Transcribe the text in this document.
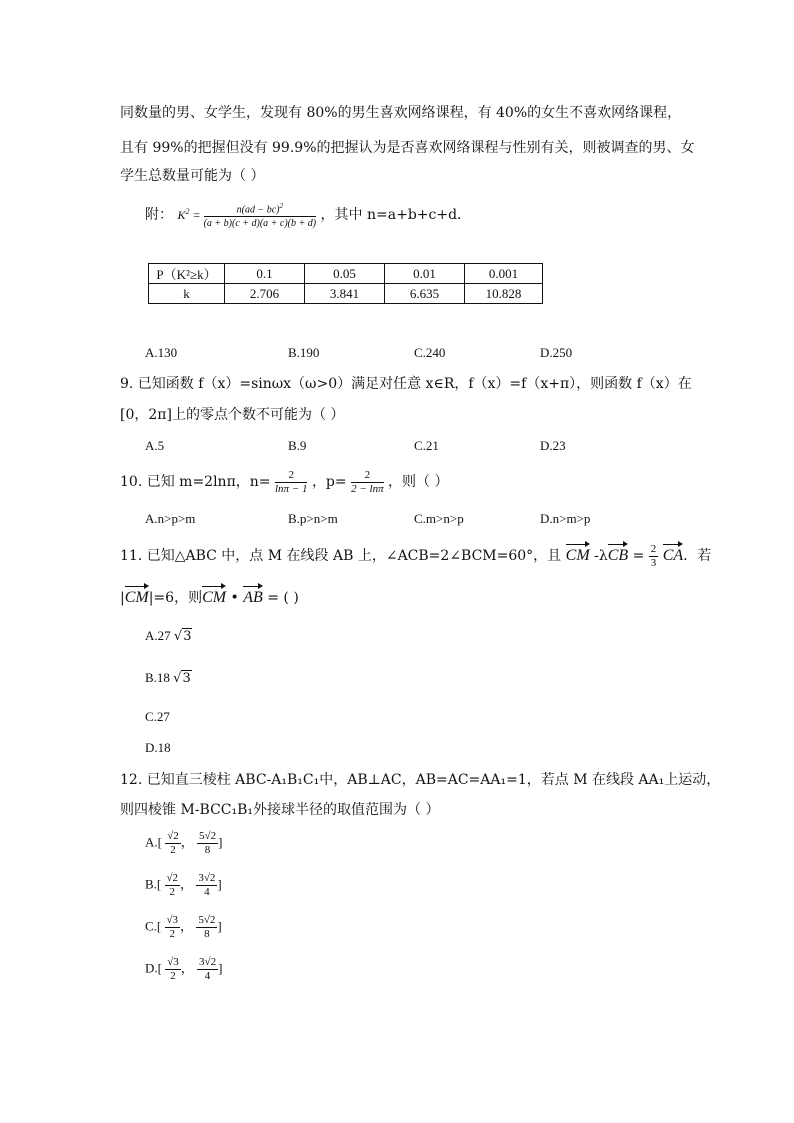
同数量的男、女学生，发现有 80%的男生喜欢网络课程，有 40%的女生不喜欢网络课程，
且有 99%的把握但没有 99.9%的把握认为是否喜欢网络课程与性别有关，则被调查的男、女
学生总数量可能为（ ）
附： $K^2 = \frac{n(ad - bc)^2}{(a + b)(c + d)(a + c)(b + d)}$ ，其中 n=a+b+c+d．
P（K²≥k）	0.1	0.05	0.01	0.001
k	2.706	3.841	6.635	10.828
A.130	B.190	C.240	D.250
9. 已知函数 f（x）=sinωx（ω>0）满足对任意 x∈R，f（x）=f（x+π），则函数 f（x）在
[0，2π]上的零点个数不可能为（ ）
A.5	B.9	C.21	D.23
10. 已知 m=2lnπ，$n= \frac{2}{\ln\pi - 1}$ ，$p= \frac{2}{2 - \ln\pi}$ ，则（ ）
A.n>p>m	B.p>n>m	C.m>n>p	D.n>m>p
11. 已知△ABC 中，点 M 在线段 AB 上，∠ACB=2∠BCM=60°，且 CM $-\lambda CB = \frac{2}{3}$ CA．若
|CM|=6，则CM • AB = ( )
A.27 √3
B.18 √3
C.27
D.18
12. 已知直三棱柱 ABC-A₁B₁C₁中，AB⊥AC，AB=AC=AA₁=1，若点 M 在线段 AA₁上运动，
则四棱锥 M-BCC₁B₁外接球半径的取值范围为（ ）
$A.[ \frac{√2}{2}$ ， $\frac{5√2}{8}$ ]
$B.[ \frac{√2}{2}$ ， $\frac{3√2}{4}$ ]
$C.[ \frac{√3}{2}$ ， $\frac{5√2}{8}$ ]
$D.[ \frac{√3}{2}$ ， $\frac{3√2}{4}$ ]
